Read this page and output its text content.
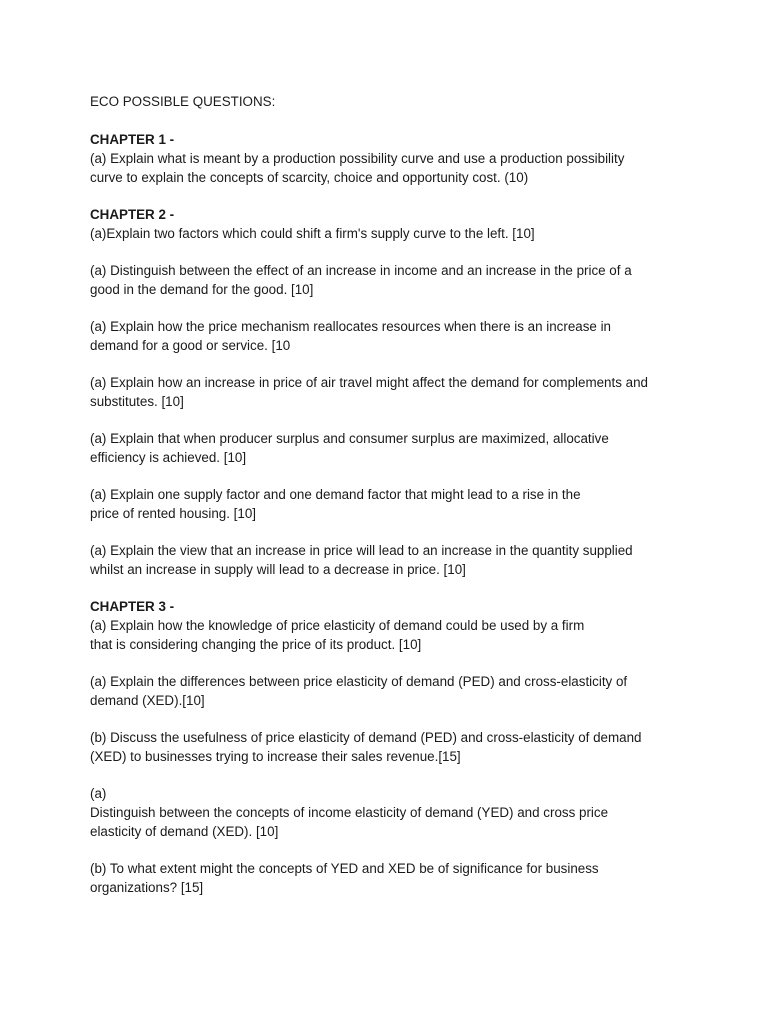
ECO POSSIBLE QUESTIONS:
CHAPTER 1 -
(a) Explain what is meant by a production possibility curve and use a production possibility
curve to explain the concepts of scarcity, choice and opportunity cost. (10)
CHAPTER 2 -
(a)Explain two factors which could shift a firm's supply curve to the left. [10]
(a) Distinguish between the effect of an increase in income and an increase in the price of a
good in the demand for the good. [10]
(a) Explain how the price mechanism reallocates resources when there is an increase in
demand for a good or service. [10
(a) Explain how an increase in price of air travel might affect the demand for complements and
substitutes. [10]
(a) Explain that when producer surplus and consumer surplus are maximized, allocative
efficiency is achieved. [10]
(a) Explain one supply factor and one demand factor that might lead to a rise in the
price of rented housing. [10]
(a) Explain the view that an increase in price will lead to an increase in the quantity supplied
whilst an increase in supply will lead to a decrease in price. [10]
CHAPTER 3 -
(a) Explain how the knowledge of price elasticity of demand could be used by a firm
that is considering changing the price of its product. [10]
(a) Explain the differences between price elasticity of demand (PED) and cross-elasticity of
demand (XED).[10]
(b) Discuss the usefulness of price elasticity of demand (PED) and cross-elasticity of demand
(XED) to businesses trying to increase their sales revenue.[15]
(a)
Distinguish between the concepts of income elasticity of demand (YED) and cross price
elasticity of demand (XED). [10]
(b) To what extent might the concepts of YED and XED be of significance for business
organizations? [15]
